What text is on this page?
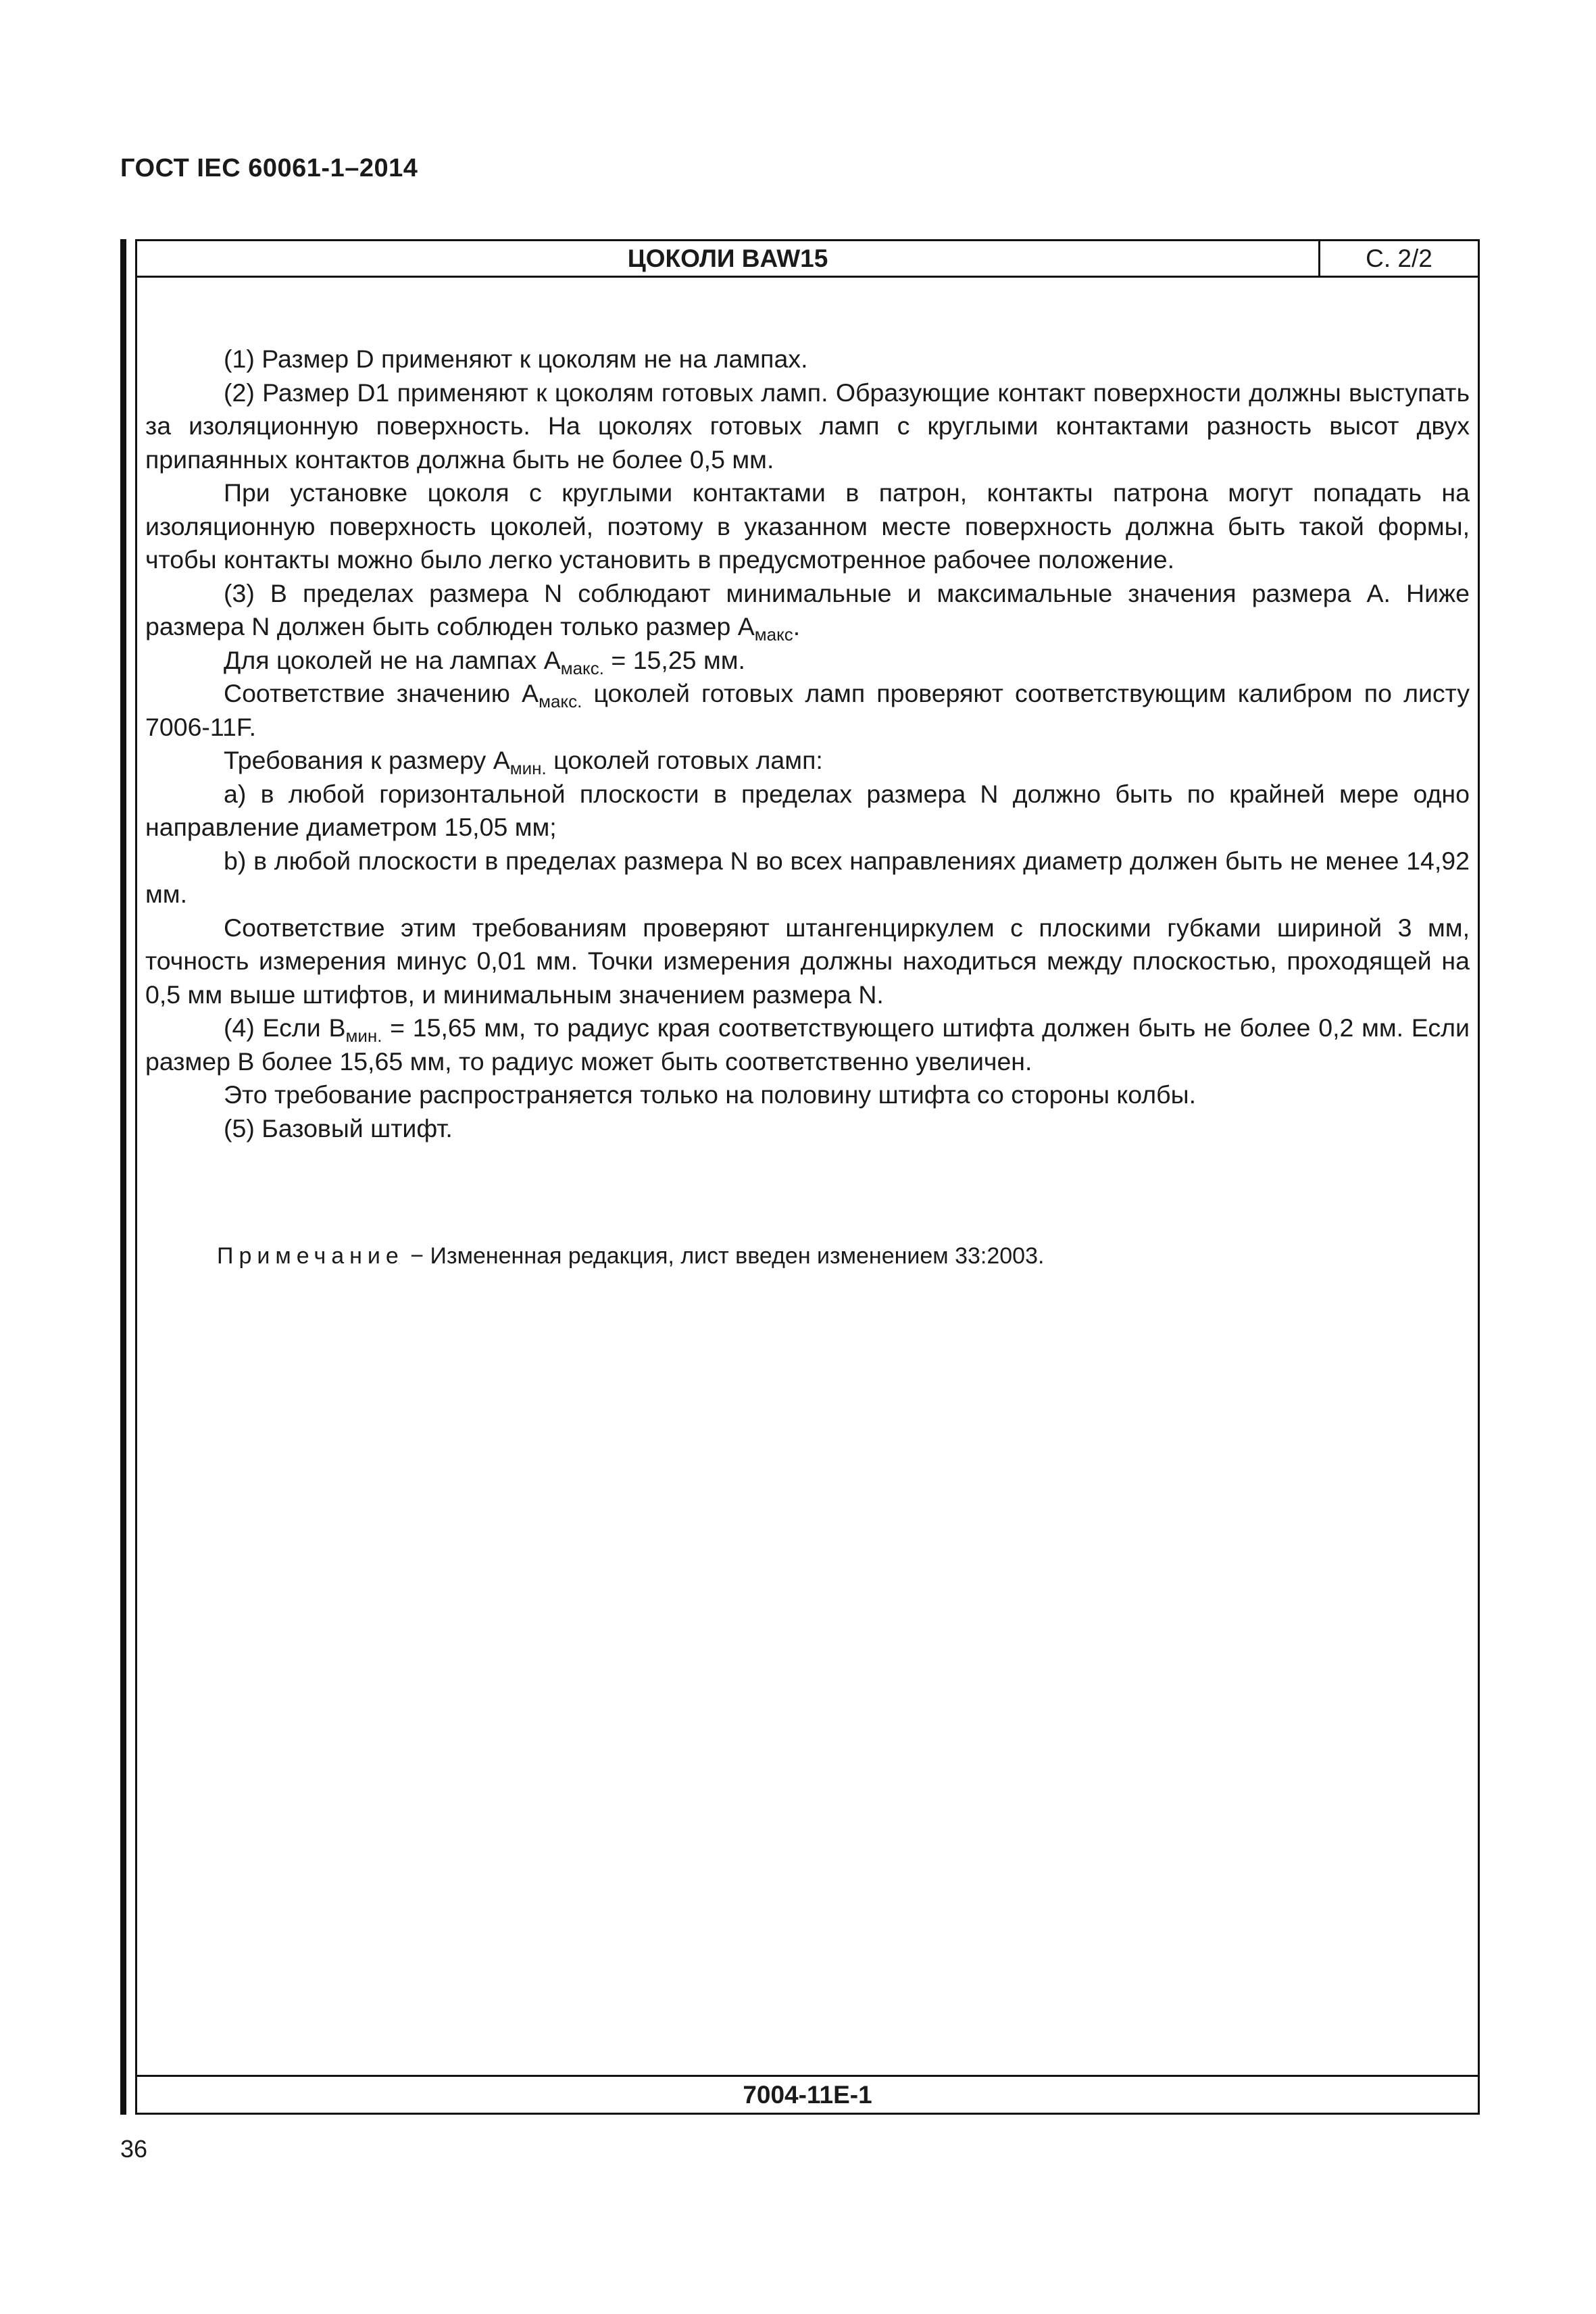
ГОСТ IEC 60061-1–2014
ЦОКОЛИ BAW15	С. 2/2

(1) Размер D применяют к цоколям не на лампах.

(2) Размер D1 применяют к цоколям готовых ламп. Образующие контакт поверхности должны выступать за изоляционную поверхность. На цоколях готовых ламп с круглыми контактами разность высот двух припаянных контактов должна быть не более 0,5 мм.

При установке цоколя с круглыми контактами в патрон, контакты патрона могут попадать на изоляционную поверхность цоколей, поэтому в указанном месте поверхность должна быть такой формы, чтобы контакты можно было легко установить в предусмотренное рабочее положение.

(3) В пределах размера N соблюдают минимальные и максимальные значения размера А. Ниже размера N должен быть соблюден только размер $А_{макс}$.

Для цоколей не на лампах $А_{макс.} = 15,25$ мм.

Соответствие значению $А_{макс.}$ цоколей готовых ламп проверяют соответствующим калибром по листу 7006-11F.

Требования к размеру $А_{мин.}$ цоколей готовых ламп:

a) в любой горизонтальной плоскости в пределах размера N должно быть по крайней мере одно направление диаметром 15,05 мм;

b) в любой плоскости в пределах размера N во всех направлениях диаметр должен быть не менее 14,92 мм.

Соответствие этим требованиям проверяют штангенциркулем с плоскими губками шириной 3 мм, точность измерения минус 0,01 мм. Точки измерения должны находиться между плоскостью, проходящей на 0,5 мм выше штифтов, и минимальным значением размера N.

(4) Если $В_{мин.} = 15,65$ мм, то радиус края соответствующего штифта должен быть не более 0,2 мм. Если размер В более 15,65 мм, то радиус может быть соответственно увеличен.

Это требование распространяется только на половину штифта со стороны колбы.

(5) Базовый штифт.

Примечание − Измененная редакция, лист введен изменением 33:2003.
7004-11E-1
36
